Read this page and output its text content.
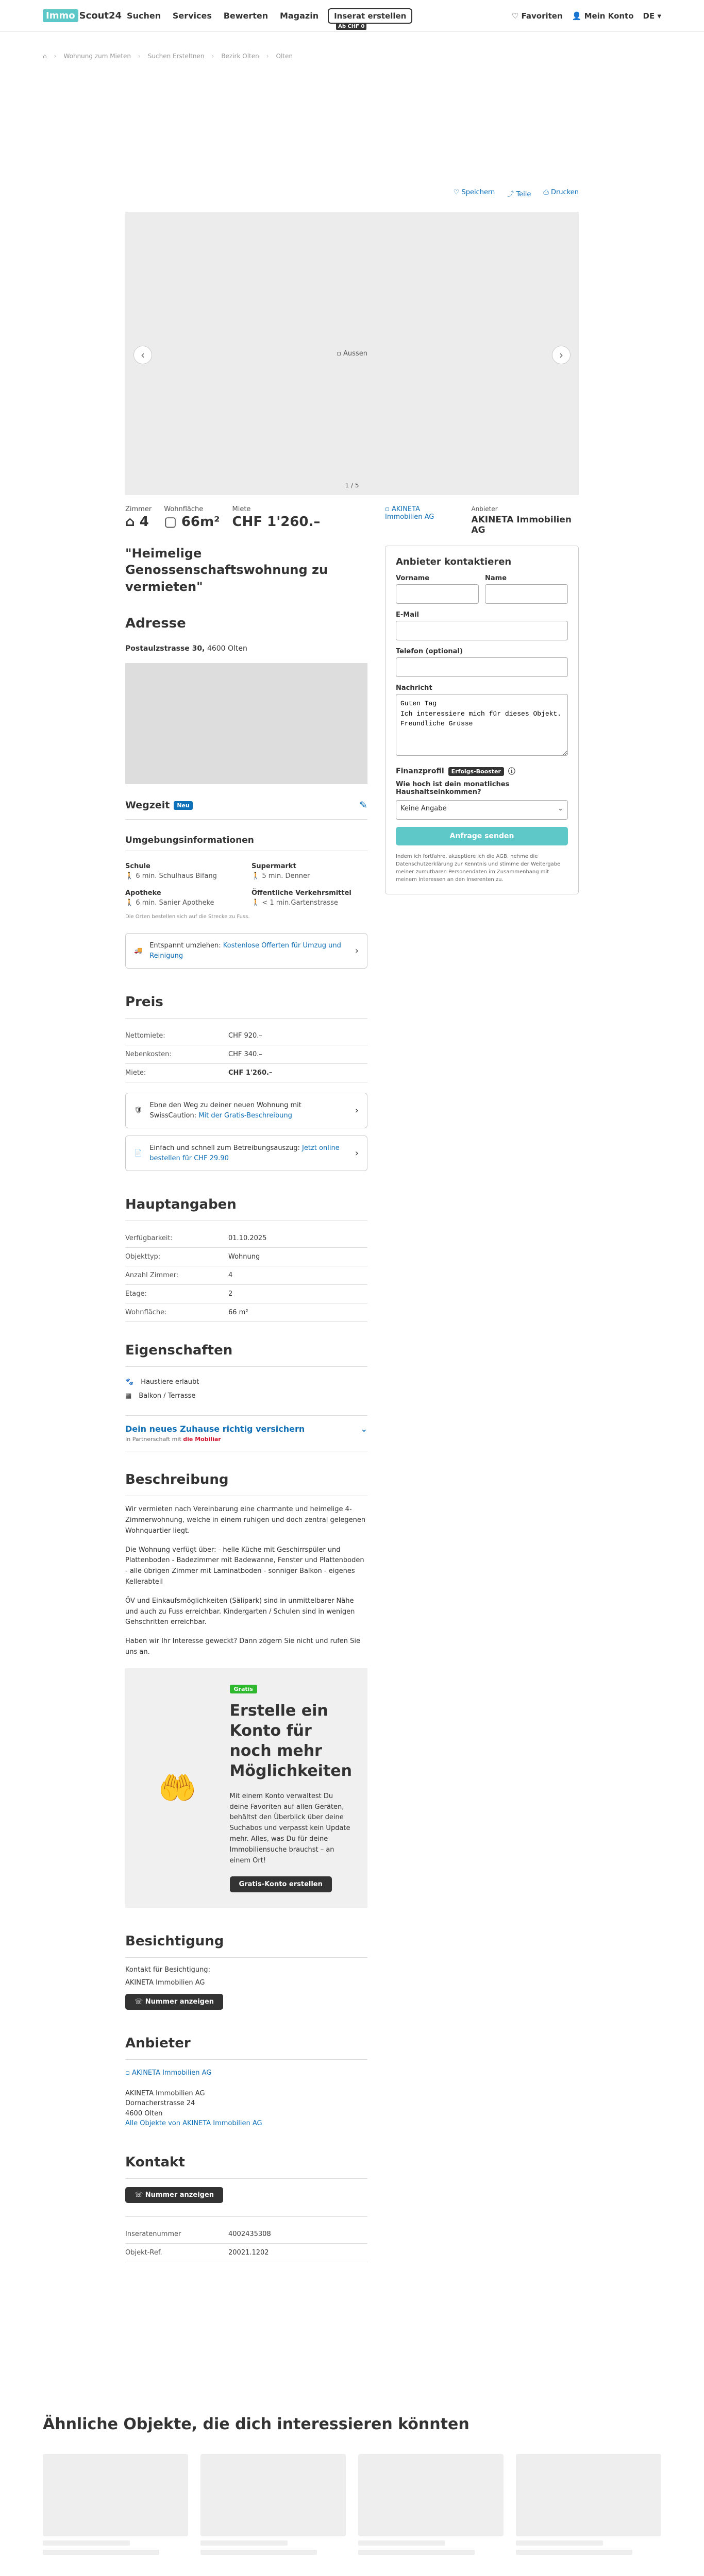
Immo Scout24 Suchen Services Bewerten Magazin	Inserat erstellen
Ab CHF 0
♡ Favoriten 👤 Mein Konto DE ▾
⌂ › Wohnung zum Mieten › Suchen Ersteltnen › Bezirk Olten › Olten
♡ Speichern ⤴ Teile ⎙ Drucken
‹	▫ Aussen	›
1 / 5
Zimmer
⌂ 4
Wohnfläche
▢ 66m²
Miete
CHF 1'260.–
"Heimelige Genossenschaftswohnung zu vermieten"
Adresse
Postaulzstrasse 30, 4600 Olten
Wegzeit	Neu	✎
Umgebungsinformationen
Schule
🚶 6 min. Schulhaus Bifang
Supermarkt
🚶 5 min. Denner
Apotheke
🚶 6 min. Sanier Apotheke
Öffentliche Verkehrsmittel
🚶 < 1 min.Gartenstrasse
Die Orten bestellen sich auf die Strecke zu Fuss.
🚚
Entspannt umziehen: Kostenlose Offerten für Umzug und Reinigung	›
Preis
Nettomiete:	CHF 920.–
Nebenkosten:	CHF 340.–
Miete:	CHF 1'260.–
🛡
Ebne den Weg zu deiner neuen Wohnung mit SwissCaution: Mit der Gratis-Beschreibung	›
📄
Einfach und schnell zum Betreibungsauszug: Jetzt online bestellen für CHF 29.90	›
Hauptangaben
Verfügbarkeit:	01.10.2025
Objekttyp:	Wohnung
Anzahl Zimmer:	4
Etage:	2
Wohnfläche:	66 m²
Eigenschaften
🐾 Haustiere erlaubt
▦ Balkon / Terrasse
Dein neues Zuhause richtig versichern	⌄
In Partnerschaft mit die Mobiliar
Beschreibung

Wir vermieten nach Vereinbarung eine charmante und heimelige 4-Zimmerwohnung, welche in einem ruhigen und doch zentral gelegenen Wohnquartier liegt.

Die Wohnung verfügt über: - helle Küche mit Geschirrspüler und Plattenboden - Badezimmer mit Badewanne, Fenster und Plattenboden - alle übrigen Zimmer mit Laminatboden - sonniger Balkon - eigenes Kellerabteil

ÖV und Einkaufsmöglichkeiten (Sälipark) sind in unmittelbarer Nähe und auch zu Fuss erreichbar. Kindergarten / Schulen sind in wenigen Gehschritten erreichbar.

Haben wir Ihr Interesse geweckt? Dann zögern Sie nicht und rufen Sie uns an.

🤲
Gratis
Erstelle ein Konto für noch mehr Möglichkeiten

Mit einem Konto verwaltest Du deine Favoriten auf allen Geräten, behältst den Überblick über deine Suchabos und verpasst kein Update mehr. Alles, was Du für deine Immobiliensuche brauchst – an einem Ort!

Gratis-Konto erstellen
Besichtigung
Kontakt für Besichtigung:
AKINETA Immobilien AG
☏ Nummer anzeigen
Anbieter
▫ AKINETA Immobilien AG
AKINETA Immobilien AG
Dornacherstrasse 24
4600 Olten
Alle Objekte von AKINETA Immobilien AG
Kontakt
☏ Nummer anzeigen
Inseratenummer	4002435308
Objekt-Ref.	20021.1202
▫ AKINETA Immobilien AG
Anbieter
AKINETA Immobilien AG
Anbieter kontaktieren
Vorname	Name
E-Mail
Telefon (optional)
Nachricht
Guten Tag Ich interessiere mich für dieses Objekt. Freundliche Grüsse
Finanzprofil	Erfolgs-Booster	ⓘ
Wie hoch ist dein monatliches Haushaltseinkommen?
Keine Angabe	⌄
Anfrage senden
Indem ich fortfahre, akzeptiere ich die AGB, nehme die Datenschutzerklärung zur Kenntnis und stimme der Weitergabe meiner zumutbaren Personendaten im Zusammenhang mit meinem Interessen an den Inserenten zu.
Ähnliche Objekte, die dich interessieren könnten
